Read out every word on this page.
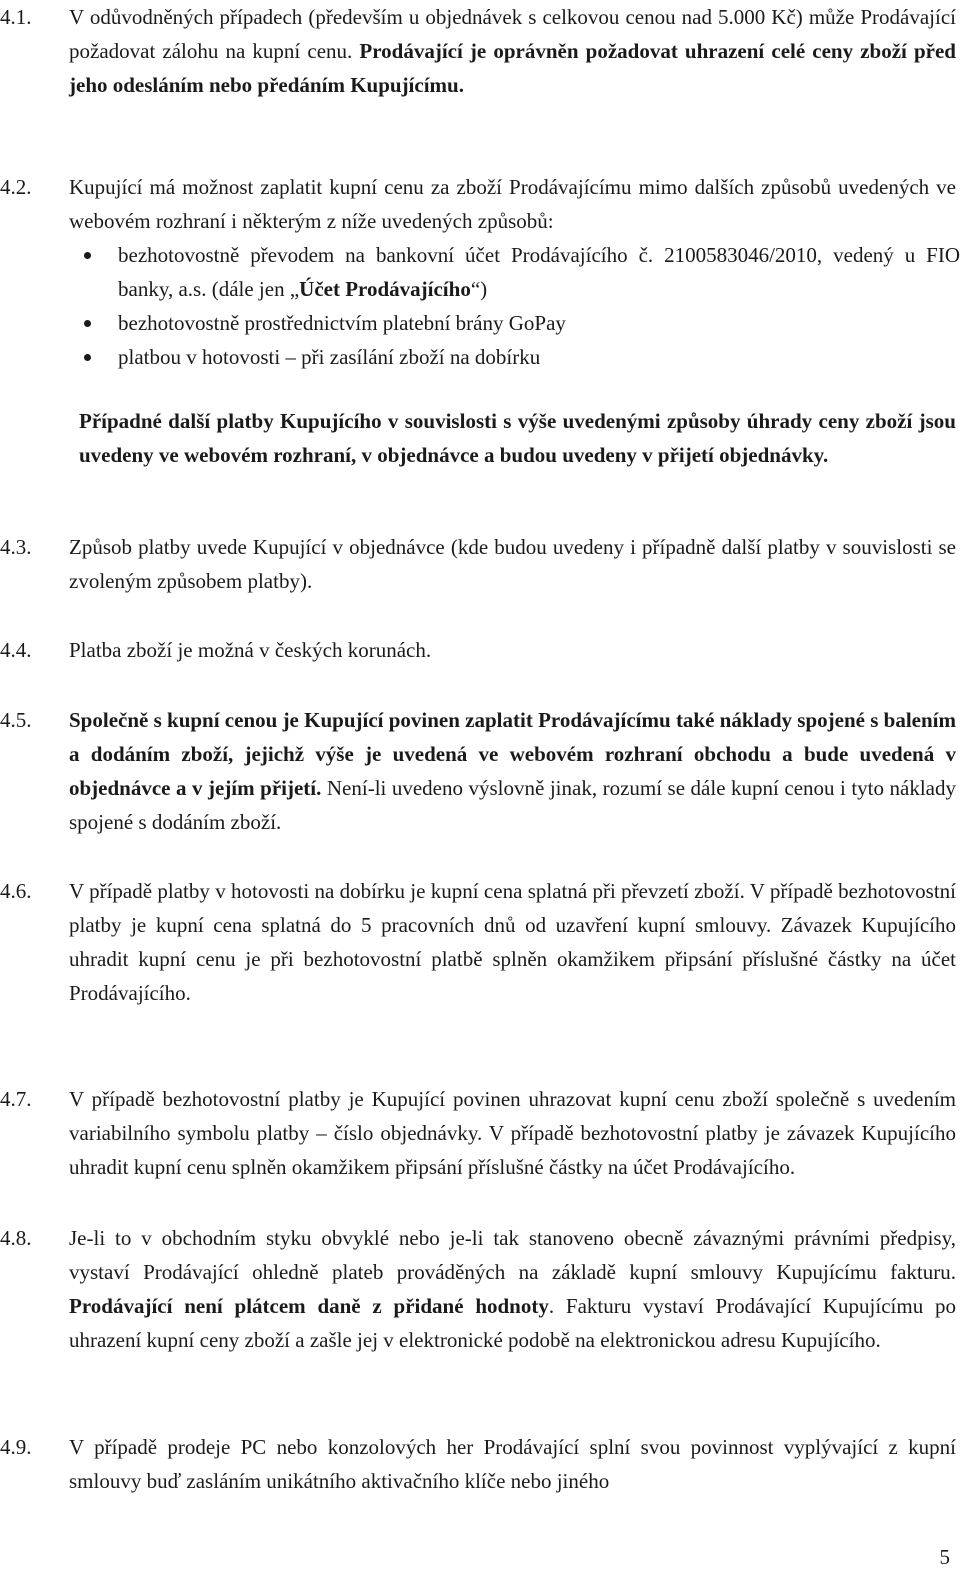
4.1.	V odůvodněných případech (především u objednávek s celkovou cenou nad 5.000 Kč) může Prodávající požadovat zálohu na kupní cenu. Prodávající je oprávněn požadovat uhrazení celé ceny zboží před jeho odesláním nebo předáním Kupujícímu.
4.2.	Kupující má možnost zaplatit kupní cenu za zboží Prodávajícímu mimo dalších způsobů uvedených ve webovém rozhraní i některým z níže uvedených způsobů:
bezhotovostně převodem na bankovní účet Prodávajícího č. 2100583046/2010, vedený u FIO banky, a.s. (dále jen „Účet Prodávajícího“)
bezhotovostně prostřednictvím platební brány GoPay
platbou v hotovosti – při zasílání zboží na dobírku
Případné další platby Kupujícího v souvislosti s výše uvedenými způsoby úhrady ceny zboží jsou uvedeny ve webovém rozhraní, v objednávce a budou uvedeny v přijetí objednávky.
4.3.	Způsob platby uvede Kupující v objednávce (kde budou uvedeny i případně další platby v souvislosti se zvoleným způsobem platby).
4.4.	Platba zboží je možná v českých korunách.
4.5.	Společně s kupní cenou je Kupující povinen zaplatit Prodávajícímu také náklady spojené s balením a dodáním zboží, jejichž výše je uvedená ve webovém rozhraní obchodu a bude uvedená v objednávce a v jejím přijetí. Není-li uvedeno výslovně jinak, rozumí se dále kupní cenou i tyto náklady spojené s dodáním zboží.
4.6.	V případě platby v hotovosti na dobírku je kupní cena splatná při převzetí zboží. V případě bezhotovostní platby je kupní cena splatná do 5 pracovních dnů od uzavření kupní smlouvy. Závazek Kupujícího uhradit kupní cenu je při bezhotovostní platbě splněn okamžikem připsání příslušné částky na účet Prodávajícího.
4.7.	V případě bezhotovostní platby je Kupující povinen uhrazovat kupní cenu zboží společně s uvedením variabilního symbolu platby – číslo objednávky. V případě bezhotovostní platby je závazek Kupujícího uhradit kupní cenu splněn okamžikem připsání příslušné částky na účet Prodávajícího.
4.8.	Je-li to v obchodním styku obvyklé nebo je-li tak stanoveno obecně závaznými právními předpisy, vystaví Prodávající ohledně plateb prováděných na základě kupní smlouvy Kupujícímu fakturu. Prodávající není plátcem daně z přidané hodnoty. Fakturu vystaví Prodávající Kupujícímu po uhrazení kupní ceny zboží a zašle jej v elektronické podobě na elektronickou adresu Kupujícího.
4.9.	V případě prodeje PC nebo konzolových her Prodávající splní svou povinnost vyplývající z kupní smlouvy buď zasláním unikátního aktivačního klíče nebo jiného
5
